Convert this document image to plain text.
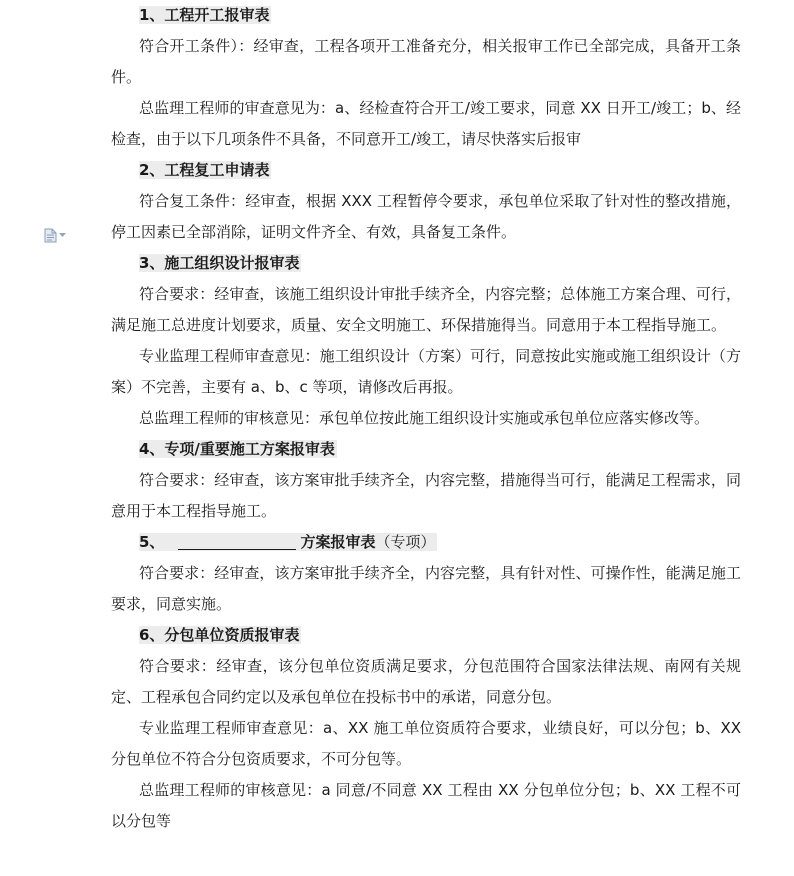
1、工程开工报审表

符合开工条件）：经审查，工程各项开工准备充分，相关报审工作已全部完成，具备开工条件。

总监理工程师的审查意见为：a、经检查符合开工/竣工要求，同意 XX 日开工/竣工；b、经检查，由于以下几项条件不具备，不同意开工/竣工，请尽快落实后报审

2、工程复工申请表

符合复工条件：经审查，根据 XXX 工程暂停令要求，承包单位采取了针对性的整改措施，停工因素已全部消除，证明文件齐全、有效，具备复工条件。

3、施工组织设计报审表

符合要求：经审查，该施工组织设计审批手续齐全，内容完整；总体施工方案合理、可行，满足施工总进度计划要求，质量、安全文明施工、环保措施得当。同意用于本工程指导施工。

专业监理工程师审查意见：施工组织设计（方案）可行，同意按此实施或施工组织设计（方案）不完善，主要有 a、b、c 等项，请修改后再报。

总监理工程师的审核意见：承包单位按此施工组织设计实施或承包单位应落实修改等。

4、专项/重要施工方案报审表

符合要求：经审查，该方案审批手续齐全，内容完整，措施得当可行，能满足工程需求，同意用于本工程指导施工。

5、	方案报审表（专项）

符合要求：经审查，该方案审批手续齐全，内容完整，具有针对性、可操作性，能满足施工要求，同意实施。

6、分包单位资质报审表

符合要求：经审查，该分包单位资质满足要求，分包范围符合国家法律法规、南网有关规定、工程承包合同约定以及承包单位在投标书中的承诺，同意分包。

专业监理工程师审查意见：a、XX 施工单位资质符合要求，业绩良好，可以分包；b、XX 分包单位不符合分包资质要求，不可分包等。

总监理工程师的审核意见：a 同意/不同意 XX 工程由 XX 分包单位分包；b、XX 工程不可以分包等
